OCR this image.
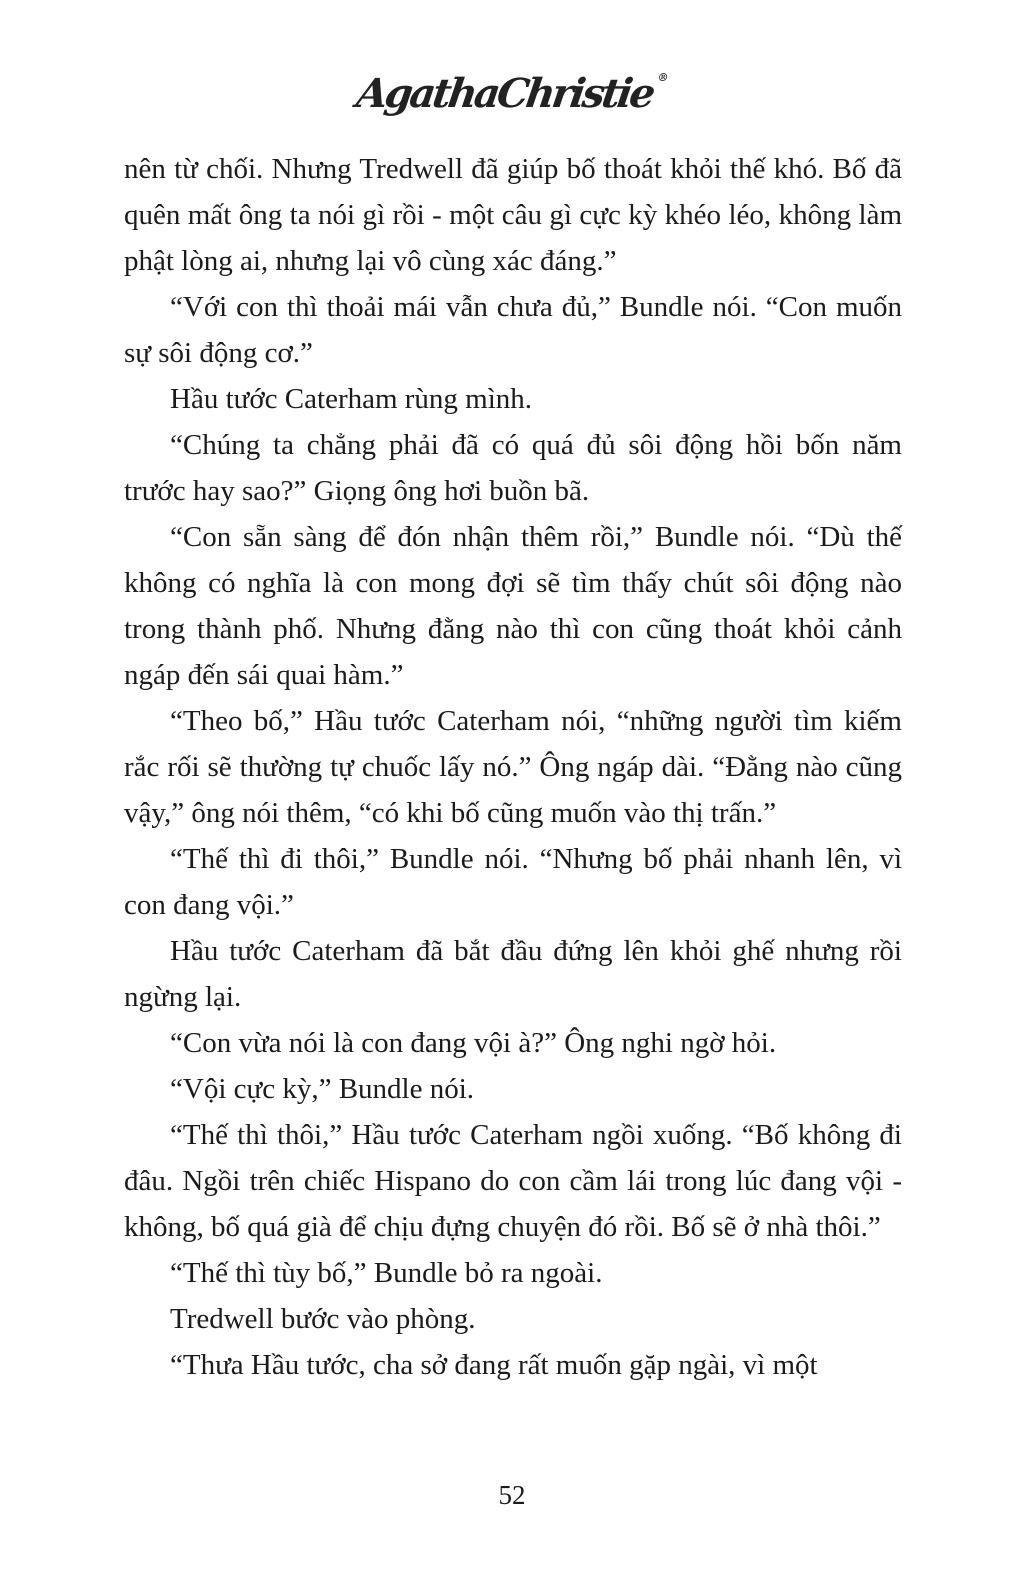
AgathaChristie®

nên từ chối. Nhưng Tredwell đã giúp bố thoát khỏi thế khó. Bố đã quên mất ông ta nói gì rồi - một câu gì cực kỳ khéo léo, không làm phật lòng ai, nhưng lại vô cùng xác đáng.”

“Với con thì thoải mái vẫn chưa đủ,” Bundle nói. “Con muốn sự sôi động cơ.”

Hầu tước Caterham rùng mình.

“Chúng ta chẳng phải đã có quá đủ sôi động hồi bốn năm trước hay sao?” Giọng ông hơi buồn bã.

“Con sẵn sàng để đón nhận thêm rồi,” Bundle nói. “Dù thế không có nghĩa là con mong đợi sẽ tìm thấy chút sôi động nào trong thành phố. Nhưng đằng nào thì con cũng thoát khỏi cảnh ngáp đến sái quai hàm.”

“Theo bố,” Hầu tước Caterham nói, “những người tìm kiếm rắc rối sẽ thường tự chuốc lấy nó.” Ông ngáp dài. “Đằng nào cũng vậy,” ông nói thêm, “có khi bố cũng muốn vào thị trấn.”

“Thế thì đi thôi,” Bundle nói. “Nhưng bố phải nhanh lên, vì con đang vội.”

Hầu tước Caterham đã bắt đầu đứng lên khỏi ghế nhưng rồi ngừng lại.

“Con vừa nói là con đang vội à?” Ông nghi ngờ hỏi.

“Vội cực kỳ,” Bundle nói.

“Thế thì thôi,” Hầu tước Caterham ngồi xuống. “Bố không đi đâu. Ngồi trên chiếc Hispano do con cầm lái trong lúc đang vội - không, bố quá già để chịu đựng chuyện đó rồi. Bố sẽ ở nhà thôi.”

“Thế thì tùy bố,” Bundle bỏ ra ngoài.

Tredwell bước vào phòng.

“Thưa Hầu tước, cha sở đang rất muốn gặp ngài, vì một

52
